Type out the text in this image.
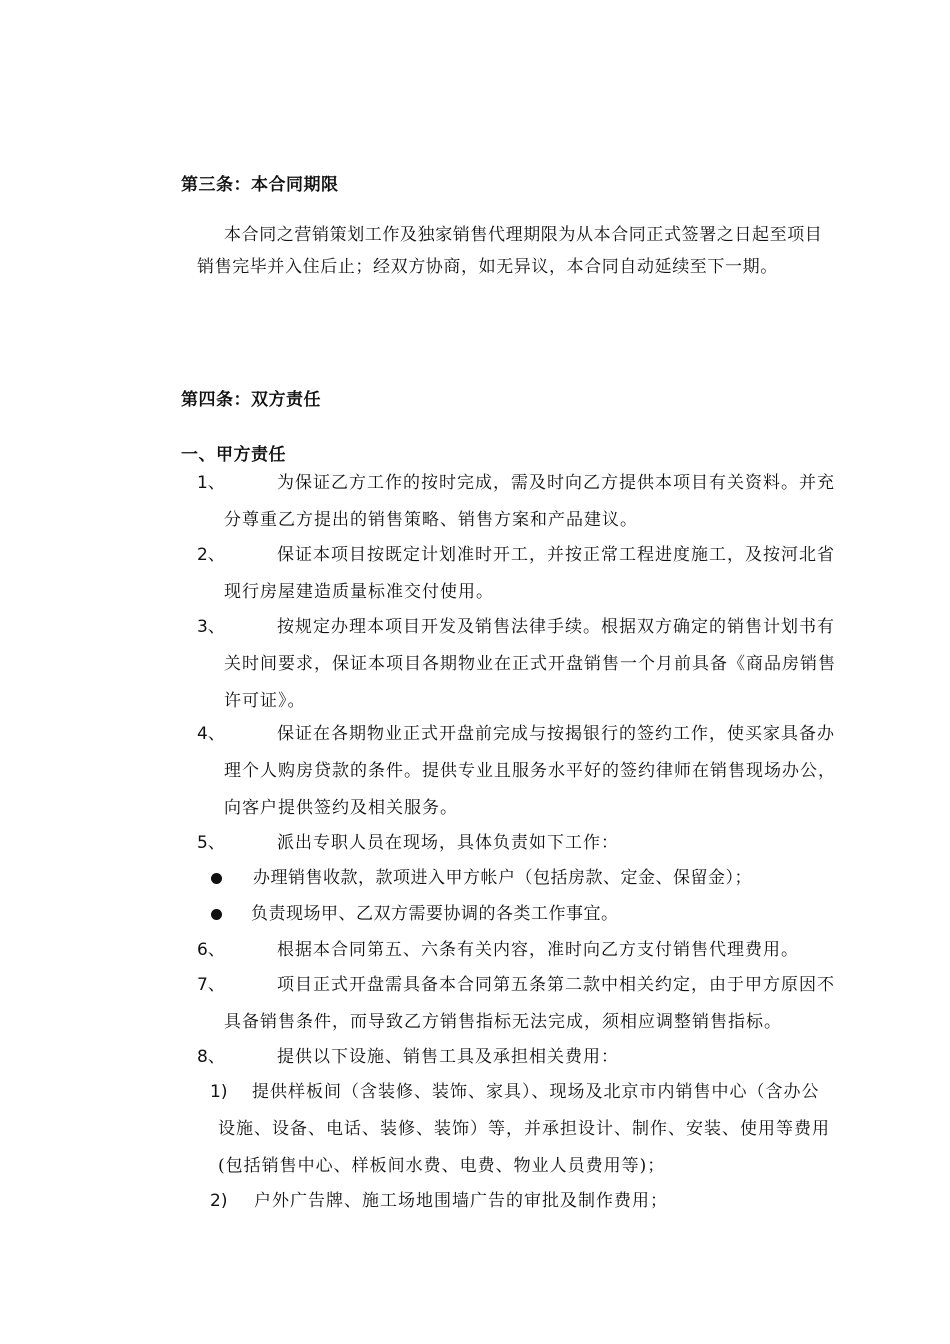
第三条：本合同期限
本合同之营销策划工作及独家销售代理期限为从本合同正式签署之日起至项目销售完毕并入住后止；经双方协商，如无异议，本合同自动延续至下一期。
第四条：双方责任
一、甲方责任
1、	为保证乙方工作的按时完成，需及时向乙方提供本项目有关资料。并充分尊重乙方提出的销售策略、销售方案和产品建议。
2、	保证本项目按既定计划准时开工，并按正常工程进度施工，及按河北省现行房屋建造质量标准交付使用。
3、	按规定办理本项目开发及销售法律手续。根据双方确定的销售计划书有关时间要求，保证本项目各期物业在正式开盘销售一个月前具备《商品房销售许可证》。
4、	保证在各期物业正式开盘前完成与按揭银行的签约工作，使买家具备办理个人购房贷款的条件。提供专业且服务水平好的签约律师在销售现场办公，向客户提供签约及相关服务。
5、	派出专职人员在现场，具体负责如下工作：
办理销售收款，款项进入甲方帐户（包括房款、定金、保留金）；
负责现场甲、乙双方需要协调的各类工作事宜。
6、	根据本合同第五、六条有关内容，准时向乙方支付销售代理费用。
7、	项目正式开盘需具备本合同第五条第二款中相关约定，由于甲方原因不具备销售条件，而导致乙方销售指标无法完成，须相应调整销售指标。
8、	提供以下设施、销售工具及承担相关费用：
1)	提供样板间（含装修、装饰、家具）、现场及北京市内销售中心（含办公设施、设备、电话、装修、装饰）等，并承担设计、制作、安装、使用等费用(包括销售中心、样板间水费、电费、物业人员费用等)；
2)	户外广告牌、施工场地围墙广告的审批及制作费用；
